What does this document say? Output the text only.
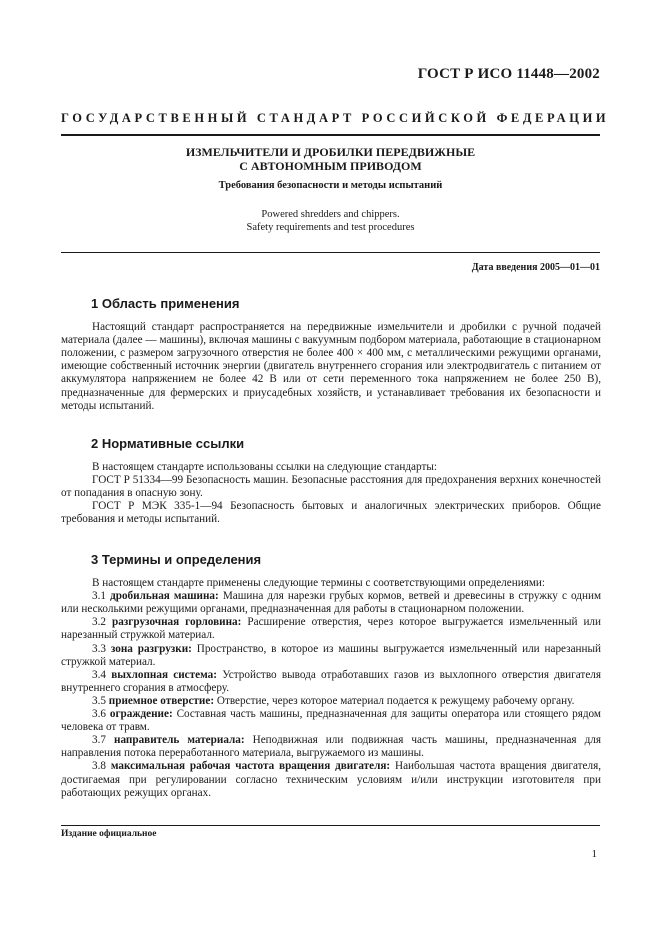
ГОСТ Р ИСО 11448—2002
ГОСУДАРСТВЕННЫЙ СТАНДАРТ РОССИЙСКОЙ ФЕДЕРАЦИИ
ИЗМЕЛЬЧИТЕЛИ И ДРОБИЛКИ ПЕРЕДВИЖНЫЕ
С АВТОНОМНЫМ ПРИВОДОМ
Требования безопасности и методы испытаний
Powered shredders and chippers.
Safety requirements and test procedures
Дата введения 2005—01—01
1 Область применения

Настоящий стандарт распространяется на передвижные измельчители и дробилки с ручной подачей материала (далее — машины), включая машины с вакуумным подбором материала, работающие в стационарном положении, с размером загрузочного отверстия не более 400 × 400 мм, с металлическими режущими органами, имеющие собственный источник энергии (двигатель внутреннего сгорания или электродвигатель с питанием от аккумулятора напряжением не более 42 В или от сети переменного тока напряжением не более 250 В), предназначенные для фермерских и приусадебных хозяйств, и устанавливает требования их безопасности и методы испытаний.

2 Нормативные ссылки

В настоящем стандарте использованы ссылки на следующие стандарты:

ГОСТ Р 51334—99 Безопасность машин. Безопасные расстояния для предохранения верхних конечностей от попадания в опасную зону.

ГОСТ Р МЭК 335-1—94 Безопасность бытовых и аналогичных электрических приборов. Общие требования и методы испытаний.

3 Термины и определения

В настоящем стандарте применены следующие термины с соответствующими определениями:

3.1 дробильная машина: Машина для нарезки грубых кормов, ветвей и древесины в стружку с одним или несколькими режущими органами, предназначенная для работы в стационарном положении.

3.2 разгрузочная горловина: Расширение отверстия, через которое выгружается измельченный или нарезанный стружкой материал.

3.3 зона разгрузки: Пространство, в которое из машины выгружается измельченный или нарезанный стружкой материал.

3.4 выхлопная система: Устройство вывода отработавших газов из выхлопного отверстия двигателя внутреннего сгорания в атмосферу.

3.5 приемное отверстие: Отверстие, через которое материал подается к режущему рабочему органу.

3.6 ограждение: Составная часть машины, предназначенная для защиты оператора или стоящего рядом человека от травм.

3.7 направитель материала: Неподвижная или подвижная часть машины, предназначенная для направления потока переработанного материала, выгружаемого из машины.

3.8 максимальная рабочая частота вращения двигателя: Наибольшая частота вращения двигателя, достигаемая при регулировании согласно техническим условиям и/или инструкции изготовителя при работающих режущих органах.

Издание официальное
1
